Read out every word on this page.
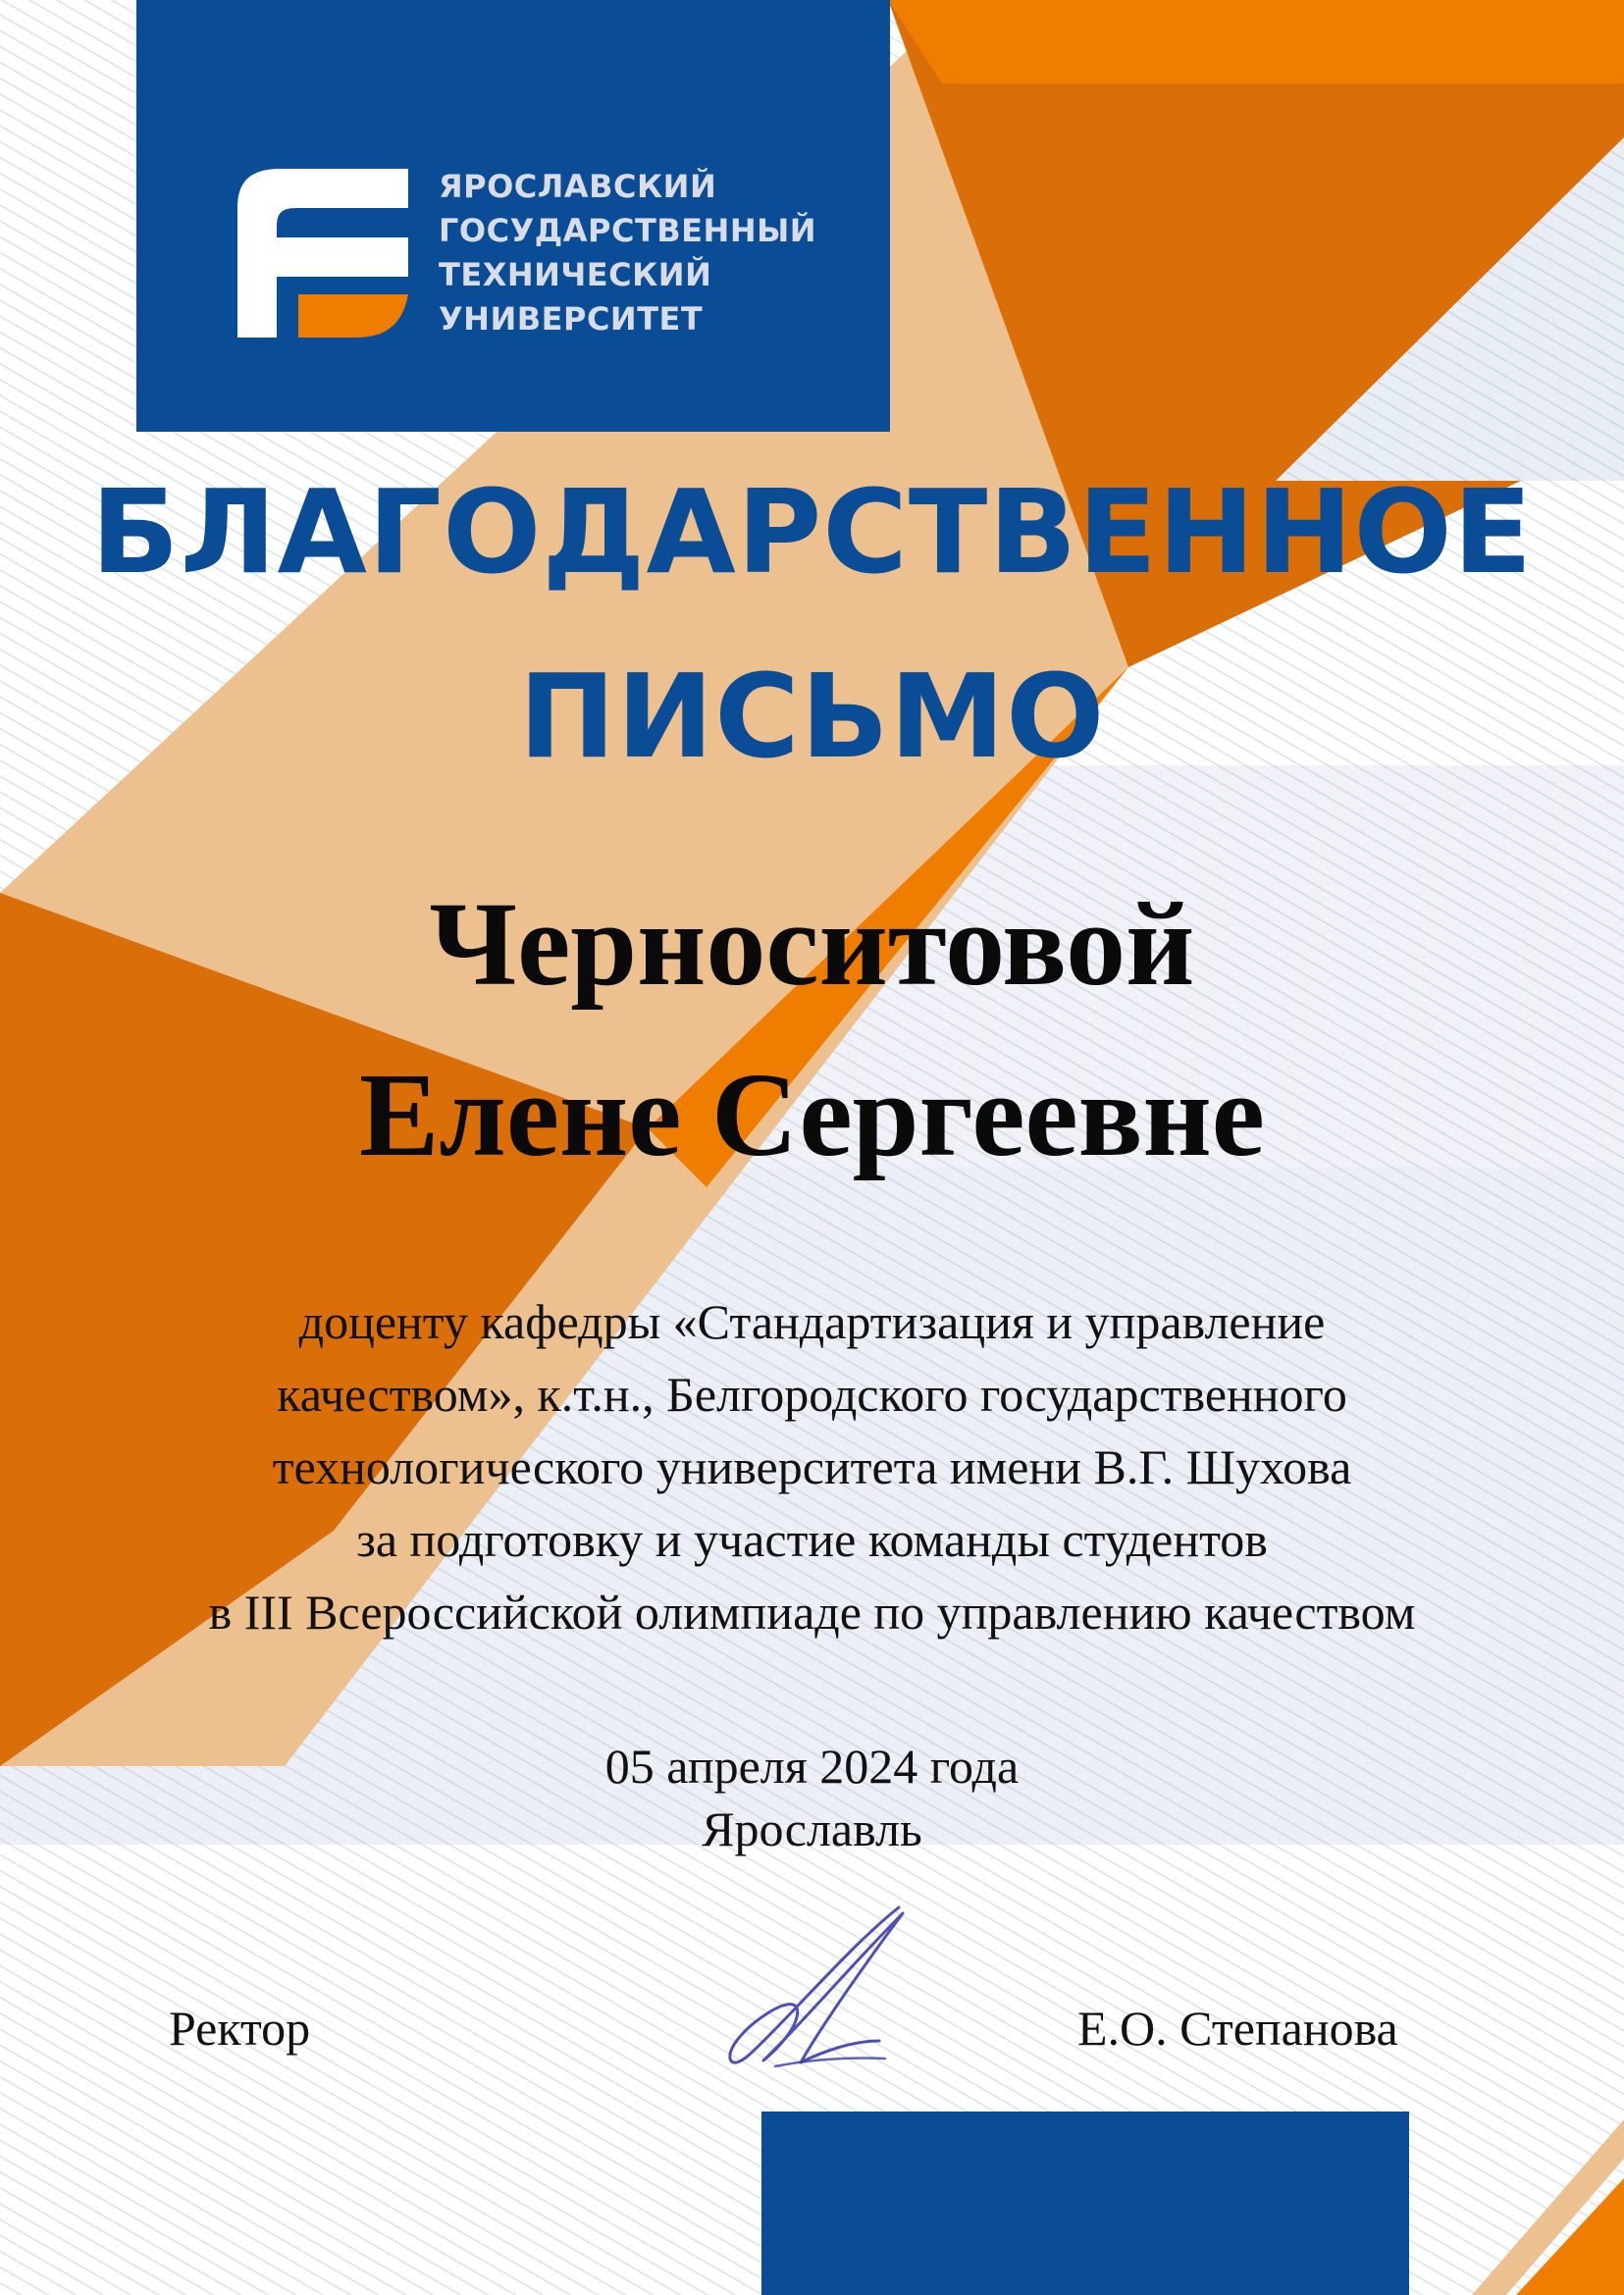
ЯРОСЛАВСКИЙ
ГОСУДАРСТВЕННЫЙ
ТЕХНИЧЕСКИЙ
УНИВЕРСИТЕТ
БЛАГОДАРСТВЕННОЕ
ПИСЬМО
Черноситовой
Елене Сергеевне
доценту кафедры «Стандартизация и управление
качеством», к.т.н., Белгородского государственного
технологического университета имени В.Г. Шухова
за подготовку и участие команды студентов
в III Всероссийской олимпиаде по управлению качеством
05 апреля 2024 года
Ярославль
Ректор	Е.О. Степанова
